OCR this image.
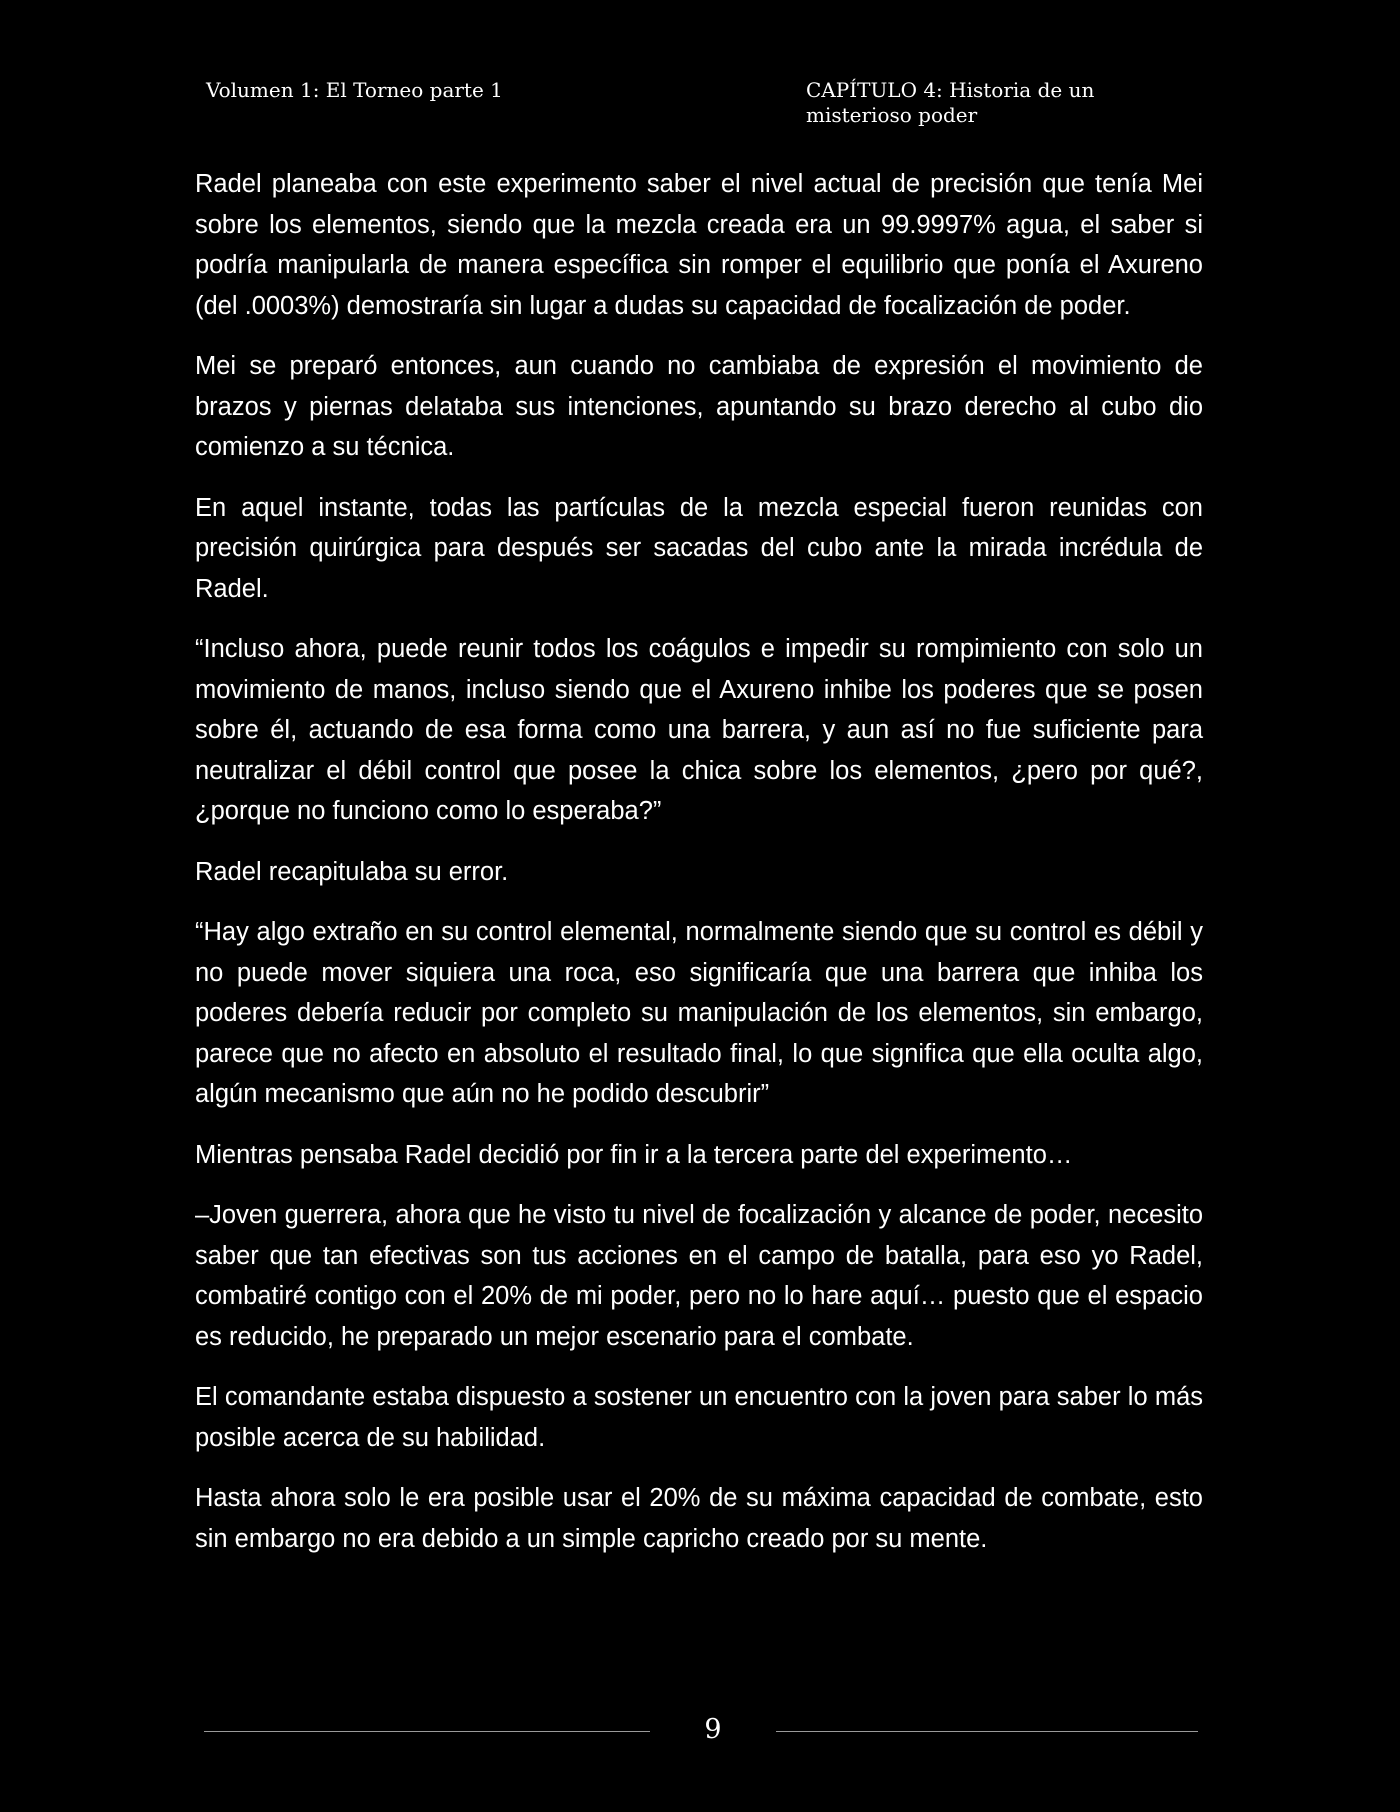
Volumen 1: El Torneo parte 1	CAPÍTULO 4: Historia de un misterioso poder

Radel planeaba con este experimento saber el nivel actual de precisión que tenía Mei sobre los elementos, siendo que la mezcla creada era un 99.9997% agua, el saber si podría manipularla de manera específica sin romper el equilibrio que ponía el Axureno (del .0003%) demostraría sin lugar a dudas su capacidad de focalización de poder.

Mei se preparó entonces, aun cuando no cambiaba de expresión el movimiento de brazos y piernas delataba sus intenciones, apuntando su brazo derecho al cubo dio comienzo a su técnica.

En aquel instante, todas las partículas de la mezcla especial fueron reunidas con precisión quirúrgica para después ser sacadas del cubo ante la mirada incrédula de Radel.

“Incluso ahora, puede reunir todos los coágulos e impedir su rompimiento con solo un movimiento de manos, incluso siendo que el Axureno inhibe los poderes que se posen sobre él, actuando de esa forma como una barrera, y aun así no fue suficiente para neutralizar el débil control que posee la chica sobre los elementos, ¿pero por qué?, ¿porque no funciono como lo esperaba?”

Radel recapitulaba su error.

“Hay algo extraño en su control elemental, normalmente siendo que su control es débil y no puede mover siquiera una roca, eso significaría que una barrera que inhiba los poderes debería reducir por completo su manipulación de los elementos, sin embargo, parece que no afecto en absoluto el resultado final, lo que significa que ella oculta algo, algún mecanismo que aún no he podido descubrir”

Mientras pensaba Radel decidió por fin ir a la tercera parte del experimento…

–Joven guerrera, ahora que he visto tu nivel de focalización y alcance de poder, necesito saber que tan efectivas son tus acciones en el campo de batalla, para eso yo Radel, combatiré contigo con el 20% de mi poder, pero no lo hare aquí… puesto que el espacio es reducido, he preparado un mejor escenario para el combate.

El comandante estaba dispuesto a sostener un encuentro con la joven para saber lo más posible acerca de su habilidad.

Hasta ahora solo le era posible usar el 20% de su máxima capacidad de combate, esto sin embargo no era debido a un simple capricho creado por su mente.

9
